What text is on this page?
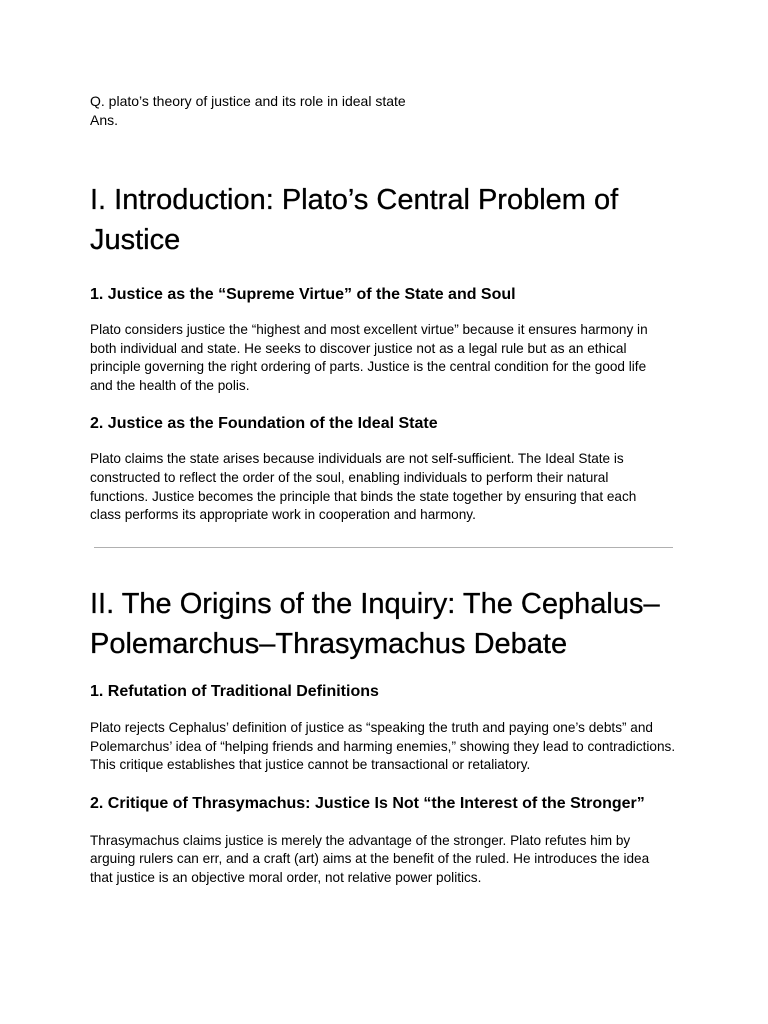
Q. plato’s theory of justice and its role in ideal state

Ans.

I. Introduction: Plato’s Central Problem of Justice
1. Justice as the “Supreme Virtue” of the State and Soul

Plato considers justice the “highest and most excellent virtue” because it ensures harmony in both individual and state. He seeks to discover justice not as a legal rule but as an ethical principle governing the right ordering of parts. Justice is the central condition for the good life and the health of the polis.

2. Justice as the Foundation of the Ideal State

Plato claims the state arises because individuals are not self-sufficient. The Ideal State is constructed to reflect the order of the soul, enabling individuals to perform their natural functions. Justice becomes the principle that binds the state together by ensuring that each class performs its appropriate work in cooperation and harmony.

II. The Origins of the Inquiry: The Cephalus–Polemarchus–Thrasymachus Debate
1. Refutation of Traditional Definitions

Plato rejects Cephalus’ definition of justice as “speaking the truth and paying one’s debts” and Polemarchus’ idea of “helping friends and harming enemies,” showing they lead to contradictions. This critique establishes that justice cannot be transactional or retaliatory.

2. Critique of Thrasymachus: Justice Is Not “the Interest of the Stronger”

Thrasymachus claims justice is merely the advantage of the stronger. Plato refutes him by arguing rulers can err, and a craft (art) aims at the benefit of the ruled. He introduces the idea that justice is an objective moral order, not relative power politics.
